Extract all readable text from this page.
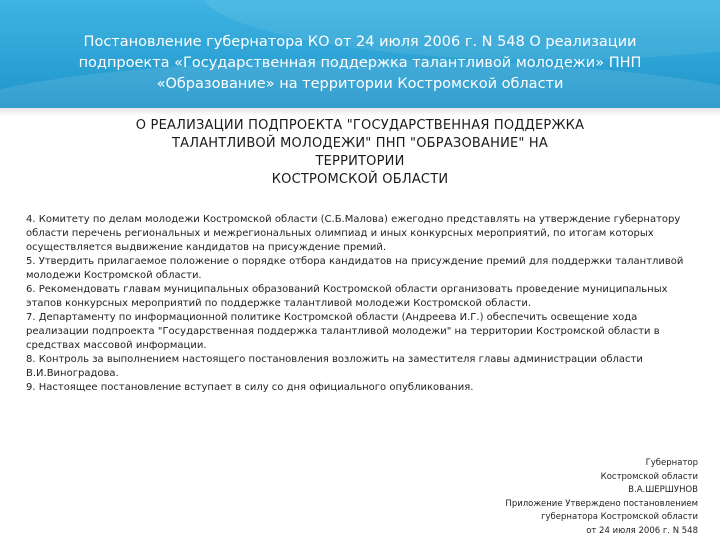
Постановление губернатора КО от 24 июля 2006 г. N 548 О реализации подпроекта «Государственная поддержка талантливой молодежи» ПНП «Образование» на территории Костромской области
О РЕАЛИЗАЦИИ ПОДПРОЕКТА "ГОСУДАРСТВЕННАЯ ПОДДЕРЖКА
ТАЛАНТЛИВОЙ МОЛОДЕЖИ" ПНП "ОБРАЗОВАНИЕ" НА
ТЕРРИТОРИИ
КОСТРОМСКОЙ ОБЛАСТИ

4. Комитету по делам молодежи Костромской области (С.Б.Малова) ежегодно представлять на утверждение губернатору области перечень региональных и межрегиональных олимпиад и иных конкурсных мероприятий, по итогам которых осуществляется выдвижение кандидатов на присуждение премий.

5. Утвердить прилагаемое положение о порядке отбора кандидатов на присуждение премий для поддержки талантливой молодежи Костромской области.

6. Рекомендовать главам муниципальных образований Костромской области организовать проведение муниципальных этапов конкурсных мероприятий по поддержке талантливой молодежи Костромской области.

7. Департаменту по информационной политике Костромской области (Андреева И.Г.) обеспечить освещение хода реализации подпроекта "Государственная поддержка талантливой молодежи" на территории Костромской области в средствах массовой информации.

8. Контроль за выполнением настоящего постановления возложить на заместителя главы администрации области В.И.Виноградова.

9. Настоящее постановление вступает в силу со дня официального опубликования.

Губернатор
Костромской области
В.А.ШЕРШУНОВ
Приложение Утверждено постановлением
губернатора Костромской области
от 24 июля 2006 г. N 548
